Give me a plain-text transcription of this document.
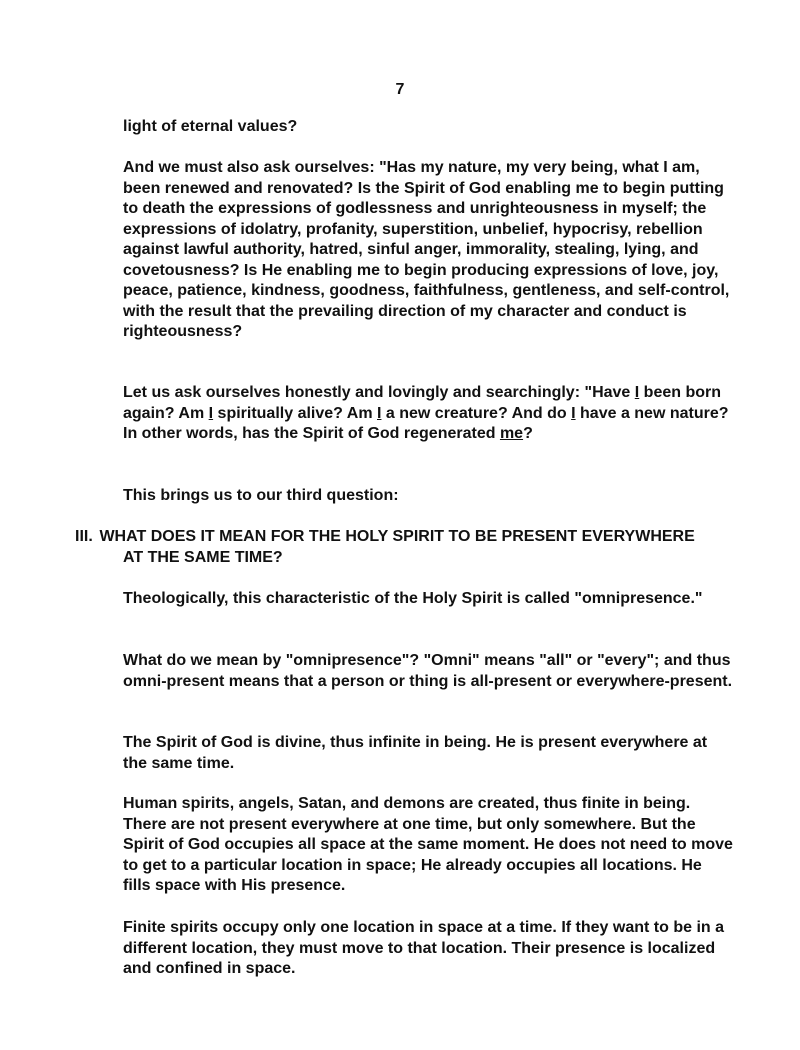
7

light of eternal values?

And we must also ask ourselves: "Has my nature, my very being, what I am, been renewed and renovated? Is the Spirit of God enabling me to begin putting to death the expressions of godlessness and unrighteousness in myself; the expressions of idolatry, profanity, superstition, unbelief, hypocrisy, rebellion against lawful authority, hatred, sinful anger, immorality, stealing, lying, and covetousness? Is He enabling me to begin producing expressions of love, joy, peace, patience, kindness, goodness, faithfulness, gentleness, and self-control, with the result that the prevailing direction of my character and conduct is righteousness?

Let us ask ourselves honestly and lovingly and searchingly: "Have I been born again? Am I spiritually alive? Am I a new creature? And do I have a new nature? In other words, has the Spirit of God regenerated me?

This brings us to our third question:

III. WHAT DOES IT MEAN FOR THE HOLY SPIRIT TO BE PRESENT EVERYWHERE
AT THE SAME TIME?

Theologically, this characteristic of the Holy Spirit is called "omnipresence."

What do we mean by "omnipresence"? "Omni" means "all" or "every"; and thus omni-present means that a person or thing is all-present or everywhere-present.

The Spirit of God is divine, thus infinite in being. He is present everywhere at the same time.

Human spirits, angels, Satan, and demons are created, thus finite in being. There are not present everywhere at one time, but only somewhere. But the Spirit of God occupies all space at the same moment. He does not need to move to get to a particular location in space; He already occupies all locations. He fills space with His presence.

Finite spirits occupy only one location in space at a time. If they want to be in a different location, they must move to that location. Their presence is localized and confined in space.
